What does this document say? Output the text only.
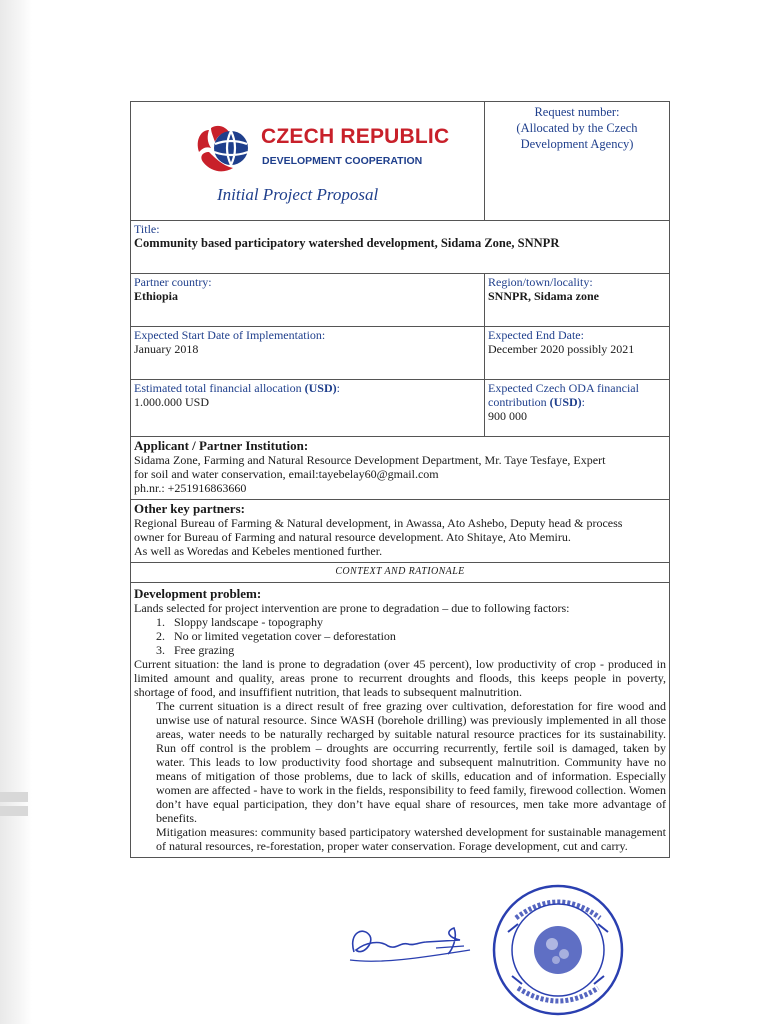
CZECH REPUBLIC
DEVELOPMENT COOPERATION
Initial Project Proposal
Request number:
(Allocated by the Czech
Development Agency)
Title:
Community based participatory watershed development, Sidama Zone, SNNPR
Partner country:
Ethiopia
Region/town/locality:
SNNPR, Sidama zone
Expected Start Date of Implementation:
January 2018
Expected End Date:
December 2020 possibly 2021
Estimated total financial allocation (USD):
1.000.000 USD
Expected Czech ODA financial contribution (USD):
900 000
Applicant / Partner Institution:
Sidama Zone, Farming and Natural Resource Development Department, Mr. Taye Tesfaye, Expert
for soil and water conservation, email:tayebelay60@gmail.com
ph.nr.: +251916863660
Other key partners:
Regional Bureau of Farming & Natural development, in Awassa, Ato Ashebo, Deputy head & process
owner for Bureau of Farming and natural resource development. Ato Shitaye, Ato Memiru.
As well as Woredas and Kebeles mentioned further.
CONTEXT AND RATIONALE
Development problem:
Lands selected for project intervention are prone to degradation – due to following factors:
1. Sloppy landscape - topography
2. No or limited vegetation cover – deforestation
3. Free grazing
Current situation: the land is prone to degradation (over 45 percent), low productivity of crop - produced in limited amount and quality, areas prone to recurrent droughts and floods, this keeps people in poverty, shortage of food, and insuffifient nutrition, that leads to subsequent malnutrition.
The current situation is a direct result of free grazing over cultivation, deforestation for fire wood and unwise use of natural resource. Since WASH (borehole drilling) was previously implemented in all those areas, water needs to be naturally recharged by suitable natural resource practices for its sustainability. Run off control is the problem – droughts are occurring recurrently, fertile soil is damaged, taken by water. This leads to low productivity food shortage and subsequent malnutrition. Community have no means of mitigation of those problems, due to lack of skills, education and of information. Especially women are affected - have to work in the fields, responsibility to feed family, firewood collection. Women don’t have equal participation, they don’t have equal share of resources, men take more advantage of benefits.
Mitigation measures: community based participatory watershed development for sustainable management of natural resources, re-forestation, proper water conservation. Forage development, cut and carry.
